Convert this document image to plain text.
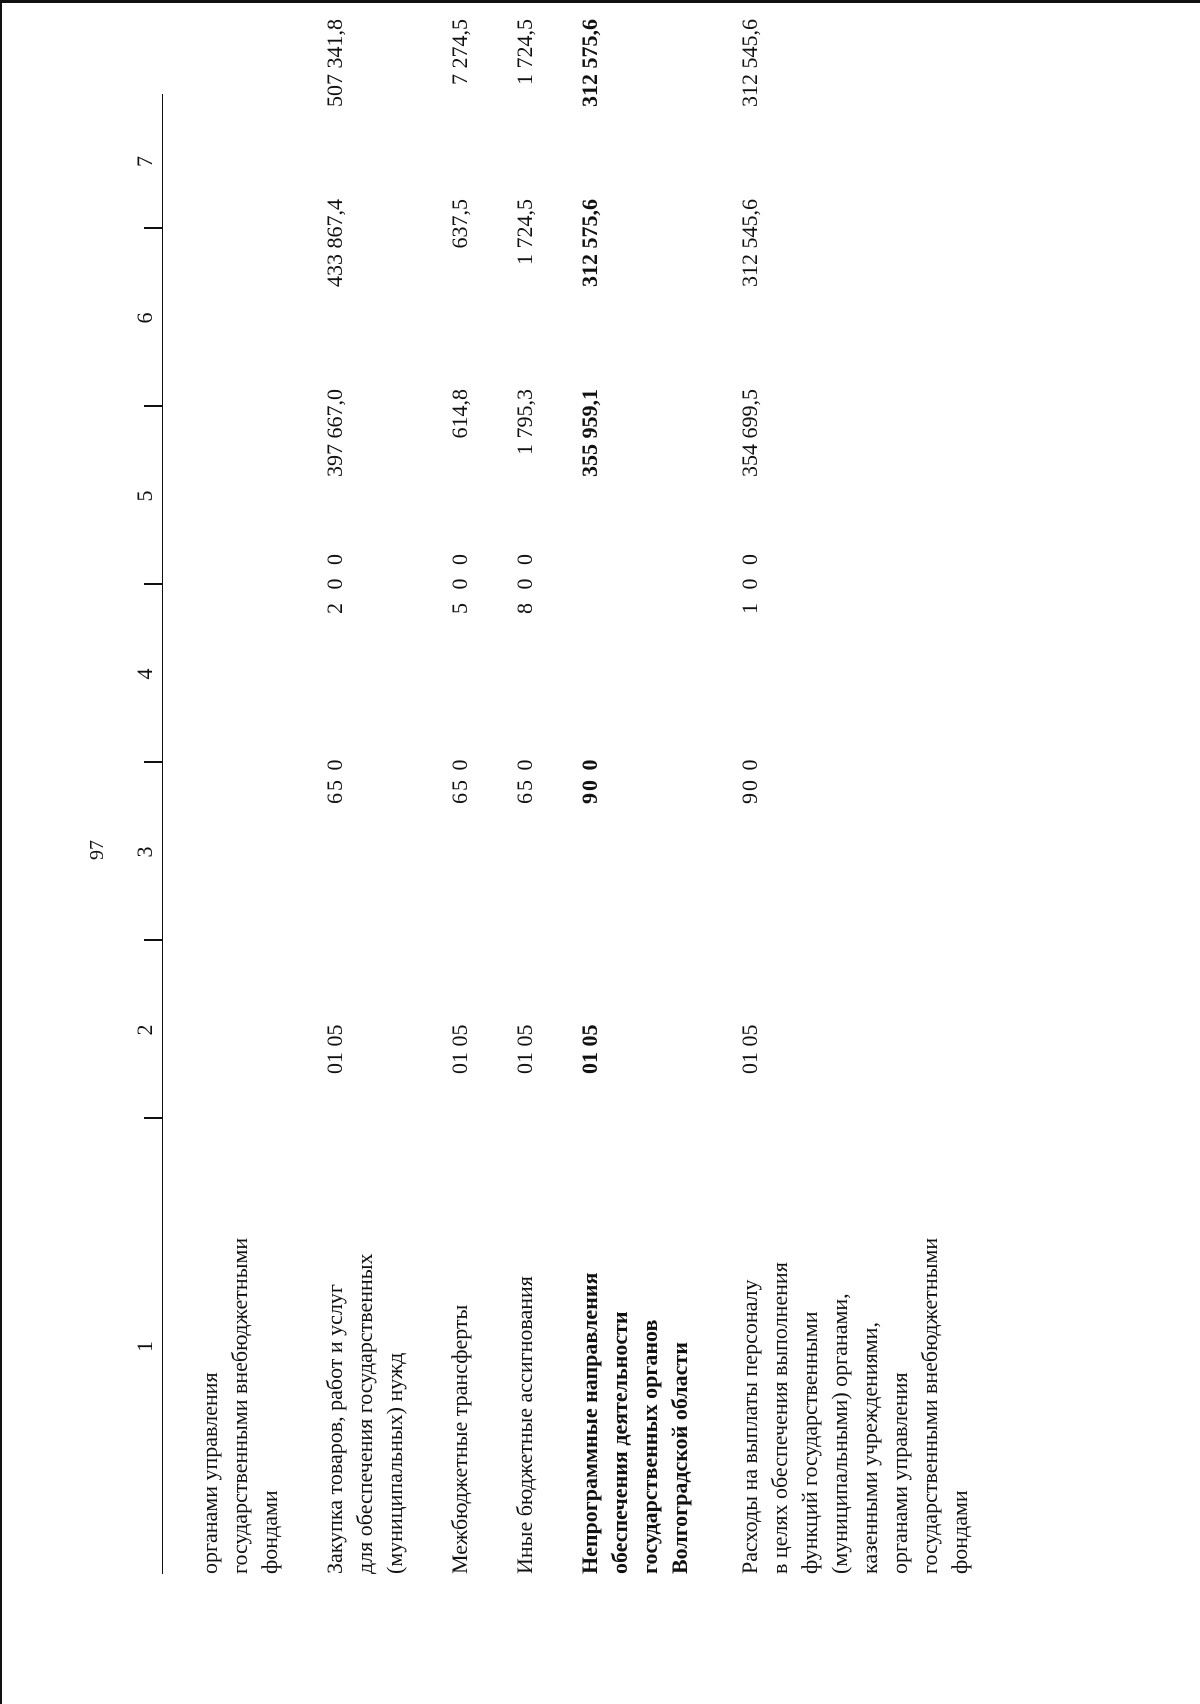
97
1
2
3
4
5
6
7
органами управления
государственными внебюджетными
фондами Закупка товаров, работ и услуг
для обеспечения государственных
(муниципальных) нужд
01 05
65 0
2 0 0
397 667,0
433 867,4
507 341,8
Межбюджетные трансферты
01 05
65 0
5 0 0
614,8
637,5
7 274,5
Иные бюджетные ассигнования
01 05
65 0
8 0 0
1 795,3
1 724,5
1 724,5
Непрограммные направления
обеспечения деятельности
государственных органов
Волгоградской области
01 05
90 0
355 959,1
312 575,6
312 575,6
Расходы на выплаты персоналу
в целях обеспечения выполнения
функций государственными
(муниципальными) органами,
казенными учреждениями,
органами управления
государственными внебюджетными
фондами
01 05
90 0
1 0 0
354 699,5
312 545,6
312 545,6
